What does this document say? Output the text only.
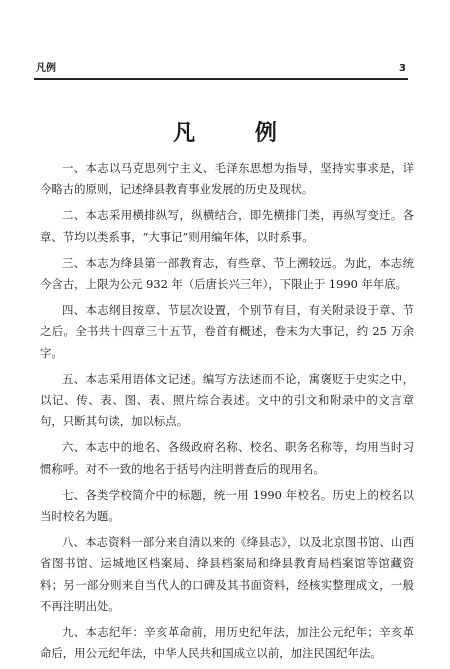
凡例	3
凡 例

一、本志以马克思列宁主义、毛泽东思想为指导，坚持实事求是，详今略古的原则，记述绛县教育事业发展的历史及现状。

二、本志采用横排纵写，纵横结合，即先横排门类，再纵写变迁。各章、节均以类系事，“大事记”则用编年体，以时系事。

三、本志为绛县第一部教育志，有些章、节上溯较远。为此，本志统今含古，上限为公元 932 年（后唐长兴三年），下限止于 1990 年年底。

四、本志纲目按章、节层次设置，个别节有目，有关附录设于章、节之后。全书共十四章三十五节，卷首有概述，卷末为大事记，约 25 万余字。

五、本志采用语体文记述。编写方法述而不论，寓褒贬于史实之中，以记、传、表、图、表、照片综合表述。文中的引文和附录中的文言章句，只断其句读，加以标点。

六、本志中的地名、各级政府名称、校名、职务名称等，均用当时习惯称呼。对不一致的地名于括号内注明普查后的现用名。

七、各类学校简介中的标题，统一用 1990 年校名。历史上的校名以当时校名为题。

八、本志资料一部分来自清以来的《绛县志》，以及北京图书馆、山西省图书馆、运城地区档案局、绛县档案局和绛县教育局档案馆等馆藏资料；另一部分则来自当代人的口碑及其书面资料，经核实整理成文，一般不再注明出处。

九、本志纪年：辛亥革命前，用历史纪年法，加注公元纪年；辛亥革命后，用公元纪年法，中华人民共和国成立以前，加注民国纪年法。
